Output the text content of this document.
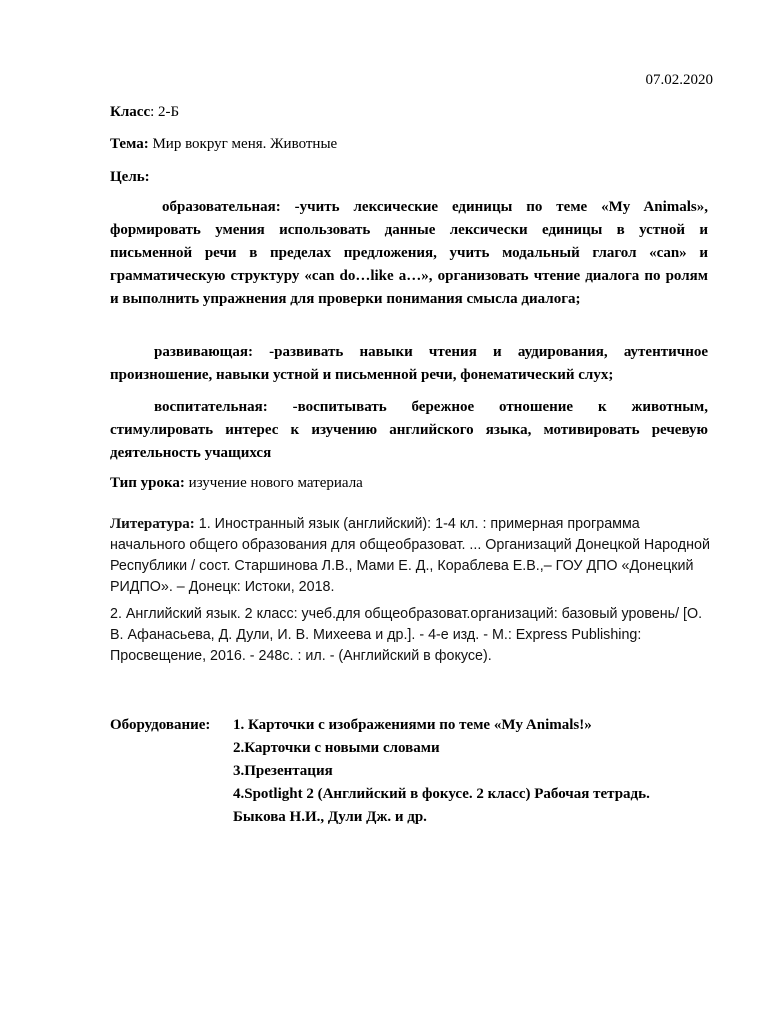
07.02.2020
Класс: 2-Б
Тема: Мир вокруг меня. Животные
Цель:
образовательная: -учить лексические единицы по теме «My Animals», формировать умения использовать данные лексически единицы в устной и письменной речи в пределах предложения, учить модальный глагол «can» и грамматическую структуру «can do…like a…», организовать чтение диалога по ролям и выполнить упражнения для проверки понимания смысла диалога;
развивающая: -развивать навыки чтения и аудирования, аутентичное произношение, навыки устной и письменной речи, фонематический слух;
воспитательная: -воспитывать бережное отношение к животным, стимулировать интерес к изучению английского языка, мотивировать речевую деятельность учащихся
Тип урока: изучение нового материала
Литература: 1. Иностранный язык (английский): 1-4 кл. : примерная программа начального общего образования для общеобразоват. ... Организаций Донецкой Народной Республики / сост. Старшинова Л.В., Мами Е. Д., Кораблева Е.В.,– ГОУ ДПО «Донецкий РИДПО». – Донецк: Истоки, 2018.
2. Английский язык. 2 класс: учеб.для общеобразоват.организаций: базовый уровень/ [О. В. Афанасьева, Д. Дули, И. В. Михеева и др.]. - 4-е изд. - М.: Express Publishing: Просвещение, 2016. - 248с. : ил. - (Английский в фокусе).
Оборудование: 1. Карточки с изображениями по теме «My Animals!»
2.Карточки с новыми словами
3.Презентация
4.Spotlight 2 (Английский в фокусе. 2 класс) Рабочая тетрадь. Быкова Н.И., Дули Дж. и др.
